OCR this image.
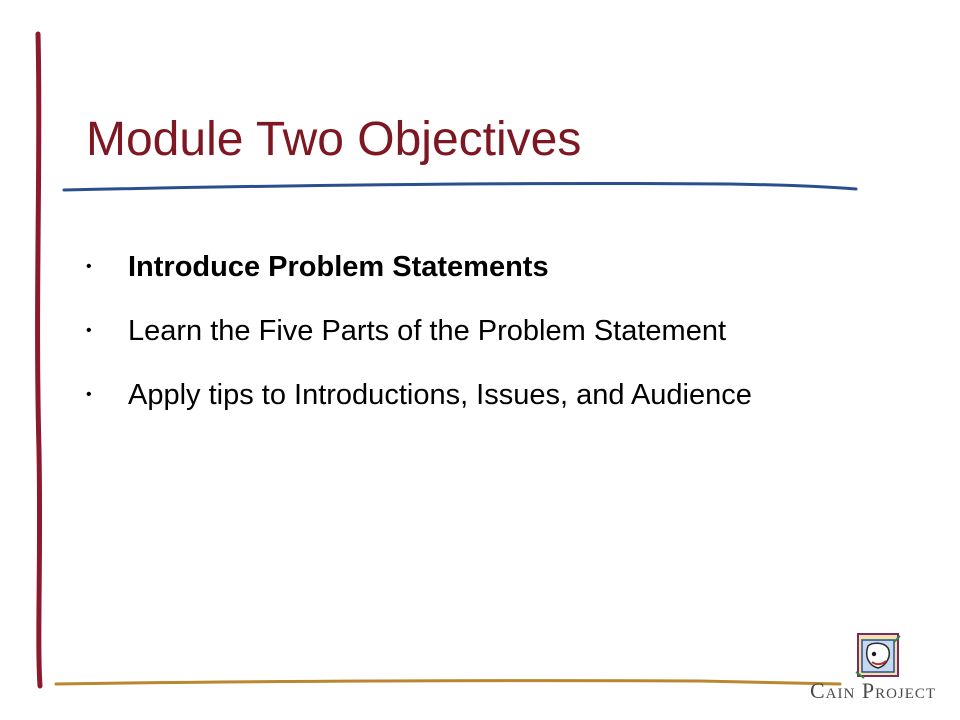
Module Two Objectives
•	Introduce Problem Statements
•	Learn the Five Parts of the Problem Statement
•	Apply tips to Introductions, Issues, and Audience
Cain Project
